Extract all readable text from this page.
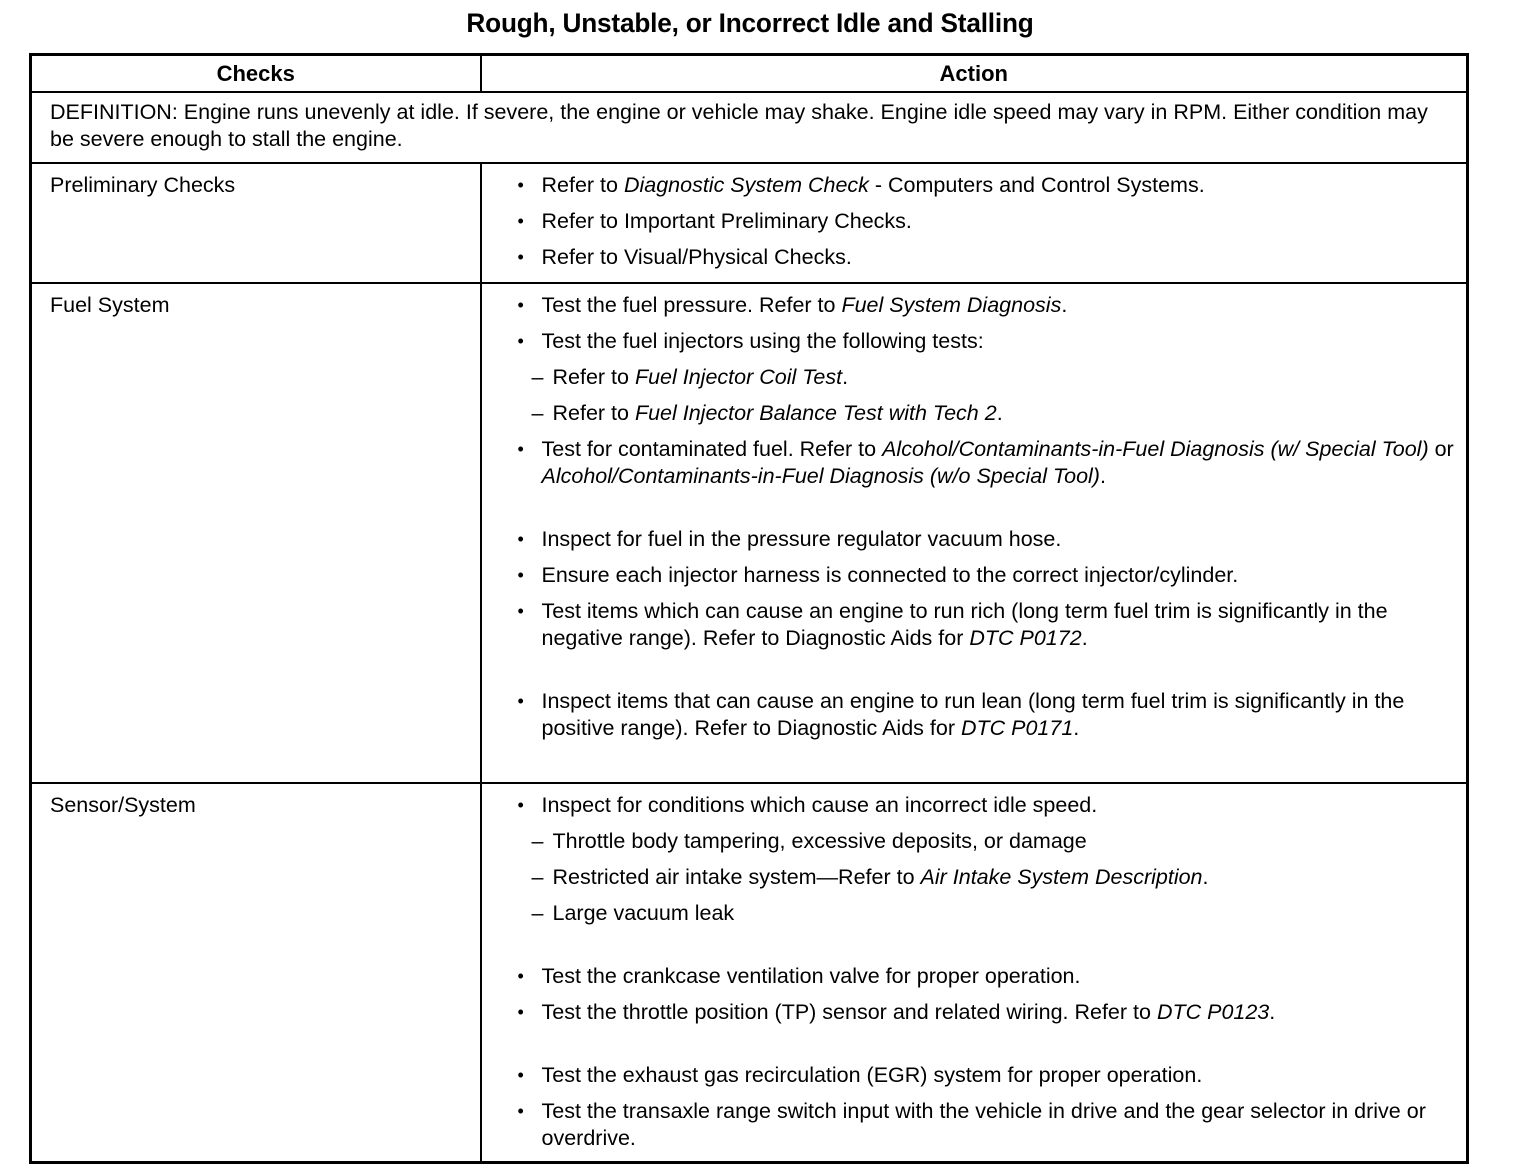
Rough, Unstable, or Incorrect Idle and Stalling
Checks	Action
DEFINITION: Engine runs unevenly at idle. If severe, the engine or vehicle may shake. Engine idle speed may vary in RPM. Either condition may be severe enough to stall the engine.	
Preliminary Checks	• Refer to Diagnostic System Check - Computers and Control Systems.
• Refer to Important Preliminary Checks.
• Refer to Visual/Physical Checks.

Fuel System	• Test the fuel pressure. Refer to Fuel System Diagnosis.
• Test the fuel injectors using the following tests:
– Refer to Fuel Injector Coil Test.
– Refer to Fuel Injector Balance Test with Tech 2.
• Test for contaminated fuel. Refer to Alcohol/Contaminants-in-Fuel Diagnosis (w/ Special Tool) or Alcohol/Contaminants-in-Fuel Diagnosis (w/o Special Tool).
• Inspect for fuel in the pressure regulator vacuum hose.
• Ensure each injector harness is connected to the correct injector/cylinder.
• Test items which can cause an engine to run rich (long term fuel trim is significantly in the negative range). Refer to Diagnostic Aids for DTC P0172.
• Inspect items that can cause an engine to run lean (long term fuel trim is significantly in the positive range). Refer to Diagnostic Aids for DTC P0171.

Sensor/System	• Inspect for conditions which cause an incorrect idle speed.
– Throttle body tampering, excessive deposits, or damage
– Restricted air intake system—Refer to Air Intake System Description.
– Large vacuum leak
• Test the crankcase ventilation valve for proper operation.
• Test the throttle position (TP) sensor and related wiring. Refer to DTC P0123.
• Test the exhaust gas recirculation (EGR) system for proper operation.
• Test the transaxle range switch input with the vehicle in drive and the gear selector in drive or overdrive.
